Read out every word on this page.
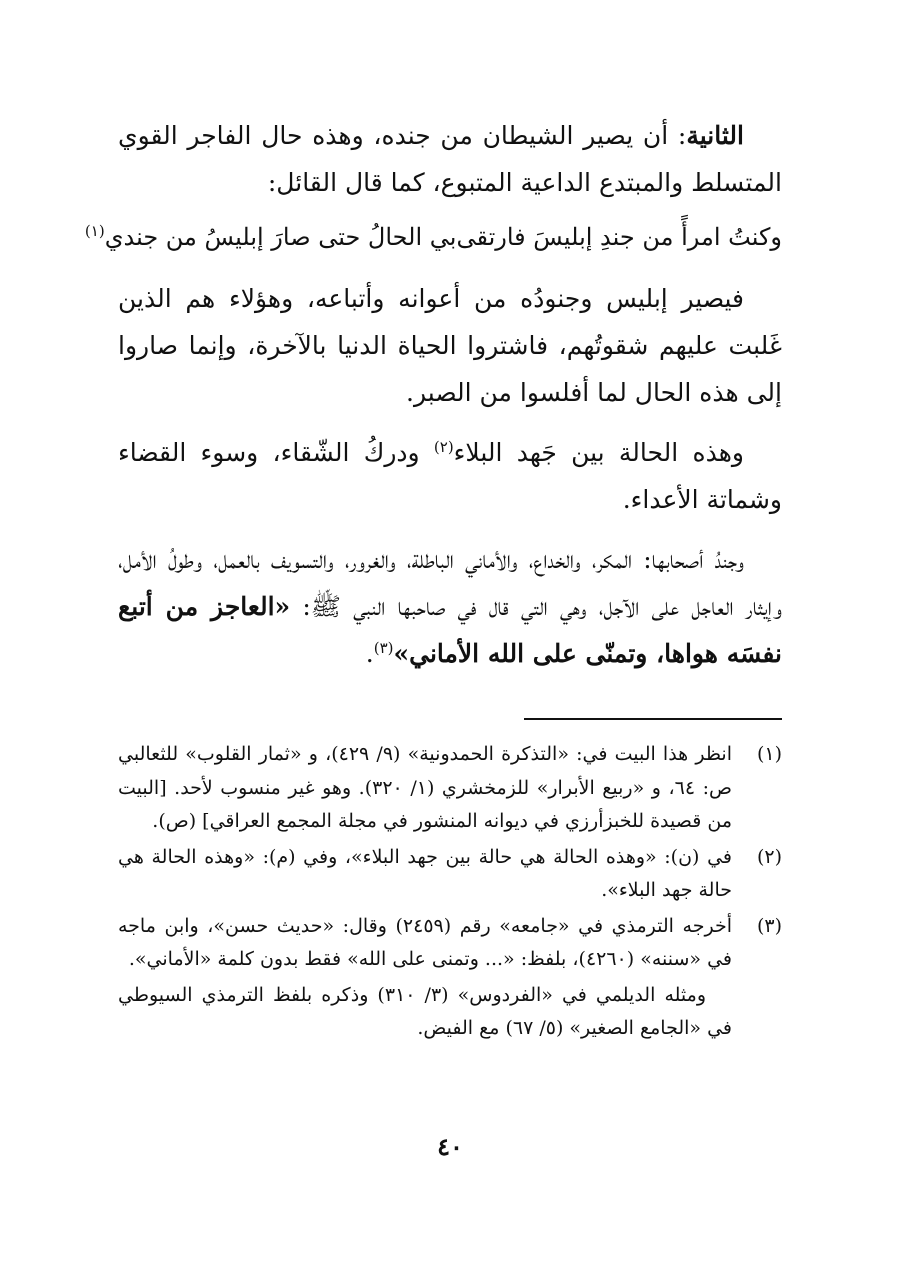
الثانية: أن يصير الشيطان من جنده، وهذه حال الفاجر القوي المتسلط والمبتدع الداعية المتبوع، كما قال القائل:

وكنتُ امرأً من جندِ إبليسَ فارتقى
بي الحالُ حتى صارَ إبليسُ من جندي$^{(١)}$

فيصير إبليس وجنودُه من أعوانه وأتباعه، وهؤلاء هم الذين غَلبت عليهم شقوتُهم، فاشتروا الحياة الدنيا بالآخرة، وإنما صاروا إلى هذه الحال لما أفلسوا من الصبر.

وهذه الحالة بين جَهد البلاء$^{(٢)}$ ودركُ الشّقاء، وسوء القضاء وشماتة الأعداء.

وجندُ أصحابها: المكر، والخداع، والأماني الباطلة، والغرور، والتسويف بالعمل، وطولُ الأمل، وإيثار العاجل على الآجل، وهي التي قال في صاحبها النبي ﷺ: «العاجز من أتبع نفسَه هواها، وتمنّى على الله الأماني»$^{(٣)}$.

(١)
انظر هذا البيت في: «التذكرة الحمدونية» (٩/ ٤٢٩)، و «ثمار القلوب» للثعالبي ص: ٦٤، و «ربيع الأبرار» للزمخشري (١/ ٣٢٠). وهو غير منسوب لأحد. [البيت من قصيدة للخبزأرزي في ديوانه المنشور في مجلة المجمع العراقي] (ص).
(٢)
في (ن): «وهذه الحالة هي حالة بين جهد البلاء»، وفي (م): «وهذه الحالة هي حالة جهد البلاء».
(٣)
أخرجه الترمذي في «جامعه» رقم (٢٤٥٩) وقال: «حديث حسن»، وابن ماجه في «سننه» (٤٢٦٠)، بلفظ: «... وتمنى على الله» فقط بدون كلمة «الأماني».
ومثله الديلمي في «الفردوس» (٣/ ٣١٠) وذكره بلفظ الترمذي السيوطي في «الجامع الصغير» (٥/ ٦٧) مع الفيض.
٤٠
